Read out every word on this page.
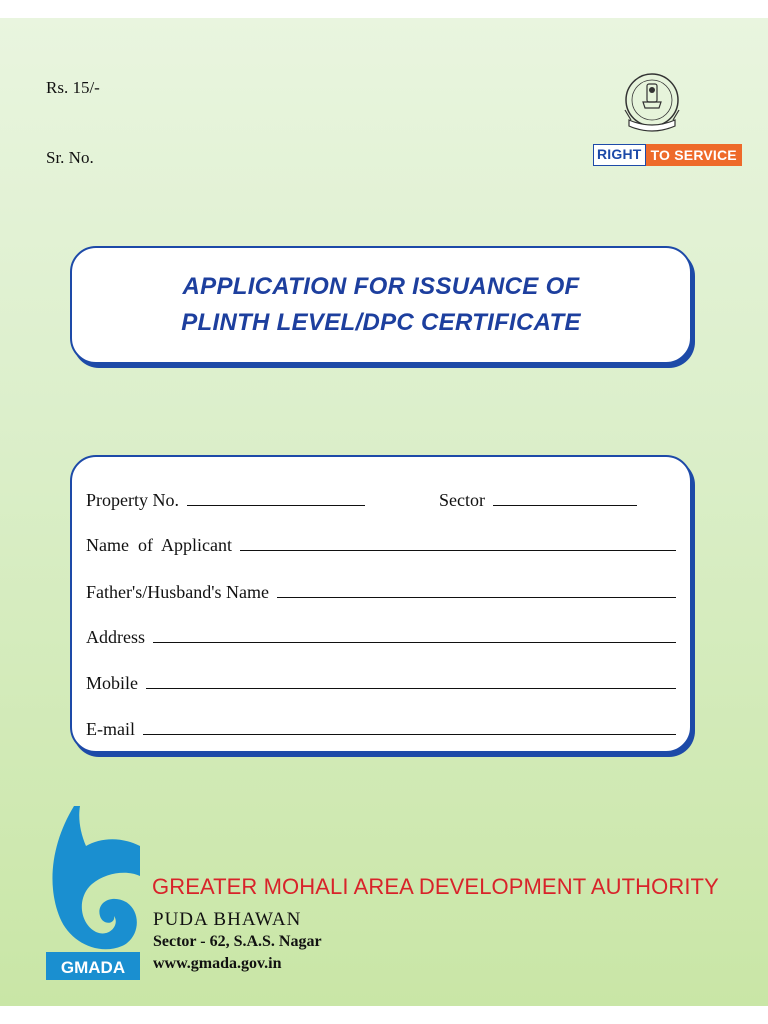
Rs. 15/-
Sr. No.	RIGHT TO SERVICE
APPLICATION FOR ISSUANCE OF
PLINTH LEVEL/DPC CERTIFICATE
Property No.	Sector
Name  of  Applicant
Father's/Husband's Name
Address
Mobile
E-mail
GMADA
GREATER MOHALI AREA DEVELOPMENT AUTHORITY
PUDA BHAWAN
Sector - 62, S.A.S. Nagar
www.gmada.gov.in
